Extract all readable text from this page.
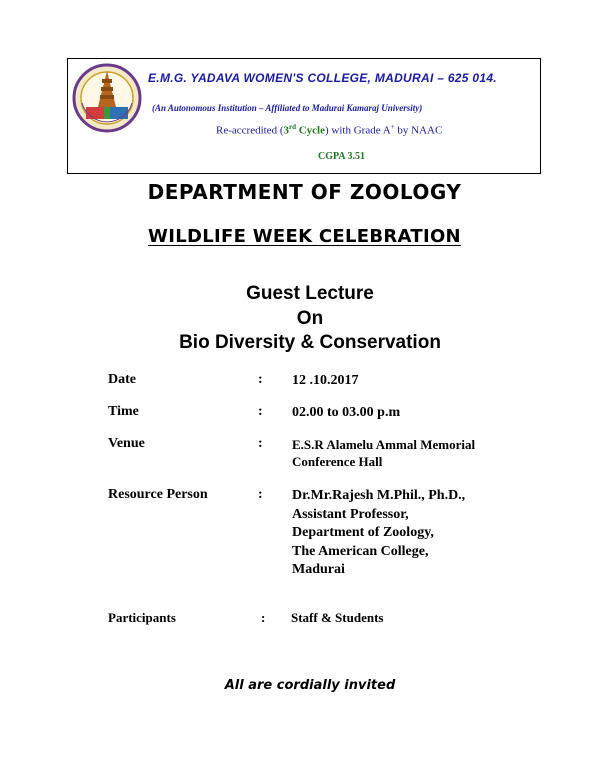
E.M.G. YADAVA WOMEN'S COLLEGE, MADURAI – 625 014.
(An Autonomous Institution – Affiliated to Madurai Kamaraj University)
Re-accredited (3rd Cycle) with Grade A+ by NAAC
CGPA 3.51
DEPARTMENT OF ZOOLOGY
WILDLIFE WEEK CELEBRATION
Guest Lecture
On
Bio Diversity & Conservation
Date	: 12 .10.2017
Time	: 02.00 to 03.00 p.m
Venue	: E.S.R Alamelu Ammal Memorial
Conference Hall
Resource Person	: Dr.Mr.Rajesh M.Phil., Ph.D.,
Assistant Professor,
Department of Zoology,
The American College,
Madurai
Participants	: Staff & Students
All are cordially invited
